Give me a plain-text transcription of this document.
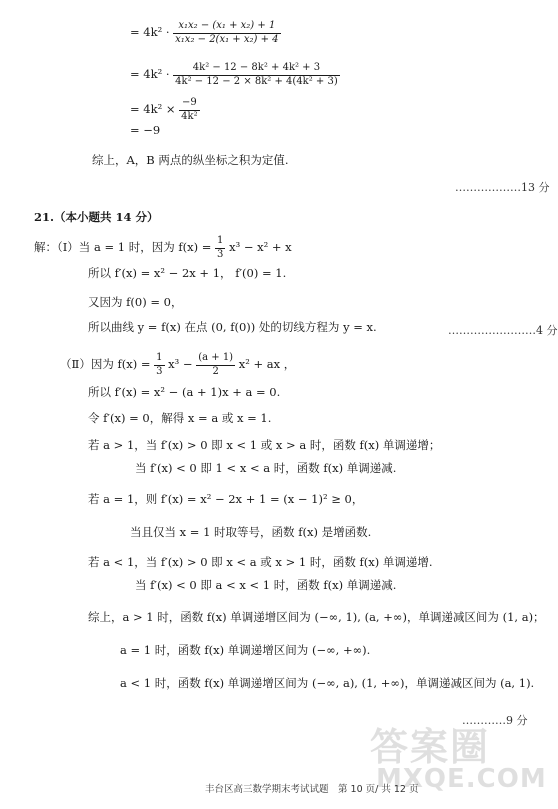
= $4k^2 \cdot \frac{\text{x₁x₂ − (x₁ + x₂) + 1}}{\text{x₁x₂ − 2(x₁ + x₂) + 4}}$
= $4k^2 \cdot \frac{\text{4k² − 12 − 8k² + 4k² + 3}}{\text{4k² − 12 − 2 × 8k² + 4(4k² + 3)}}$
= $4k^2 \times \frac{-9}{\text{4k²}}$
= −9
综上，A，B 两点的纵坐标之积为定值.
………………13 分
21.（本小题共 14 分）
解：（Ⅰ）当 a = 1 时，因为 $f(x) = \frac{1}{3} x^3 - x^2 + x$
所以 f′(x) = x² − 2x + 1， f′(0) = 1.
又因为 f(0) = 0，
所以曲线 y = f(x) 在点 (0, f(0)) 处的切线方程为 y = x.	……………………4 分
（Ⅱ）因为 $f(x) = \frac{1}{3} x^3 - \frac{(a + 1)}{2} x^2$ + ax ，
所以 f′(x) = x² − (a + 1)x + a = 0.
令 f′(x) = 0，解得 x = a 或 x = 1.
若 a > 1，当 f′(x) > 0 即 x < 1 或 x > a 时，函数 f(x) 单调递增；
当 f′(x) < 0 即 1 < x < a 时，函数 f(x) 单调递减.
若 a = 1，则 f′(x) = x² − 2x + 1 = (x − 1)² ≥ 0，
当且仅当 x = 1 时取等号，函数 f(x) 是增函数.
若 a < 1，当 f′(x) > 0 即 x < a 或 x > 1 时，函数 f(x) 单调递增.
当 f′(x) < 0 即 a < x < 1 时，函数 f(x) 单调递减.
综上，a > 1 时，函数 f(x) 单调递增区间为 (−∞, 1), (a, +∞)，单调递减区间为 (1, a)；
a = 1 时，函数 f(x) 单调递增区间为 (−∞, +∞).
a < 1 时，函数 f(x) 单调递增区间为 (−∞, a), (1, +∞)，单调递减区间为 (a, 1).
…………9 分
答案圈
MXQE.COM
丰台区高三数学期末考试试题　第 10 页/ 共 12 页
